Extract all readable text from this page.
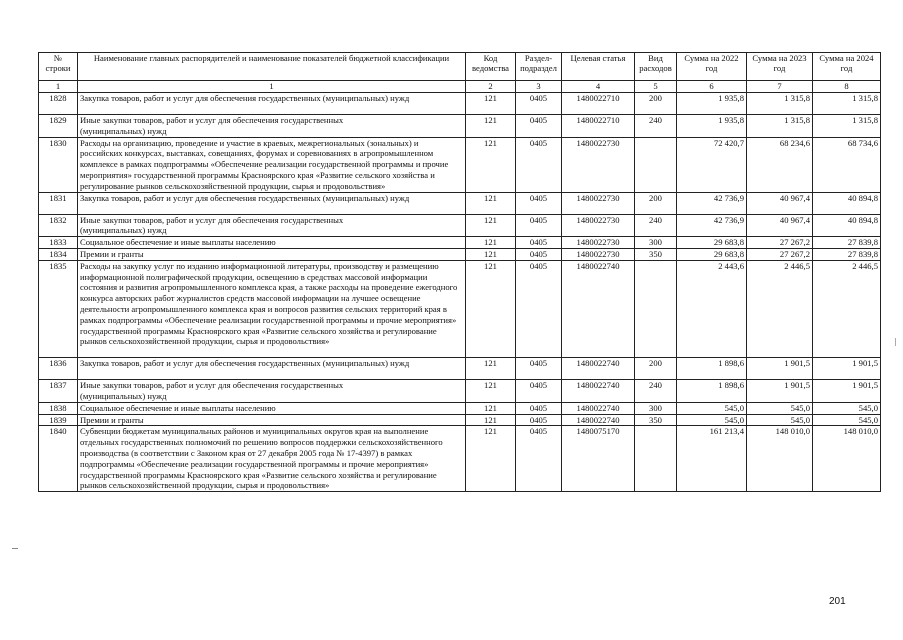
№ строки	Наименование главных распорядителей и наименование показателей бюджетной классификации	Код ведомства	Раздел-подраздел	Целевая статья	Вид расходов	Сумма на 2022 год	Сумма на 2023 год	Сумма на 2024 год
1	1	2	3	4	5	6	7	8
1828	Закупка товаров, работ и услуг для обеспечения государственных (муниципальных) нужд	121	0405	1480022710	200	1 935,8	1 315,8	1 315,8
1829	Иные закупки товаров, работ и услуг для обеспечения государственных (муниципальных) нужд	121	0405	1480022710	240	1 935,8	1 315,8	1 315,8
1830	Расходы на организацию, проведение и участие в краевых, межрегиональных (зональных) и российских конкурсах, выставках, совещаниях, форумах и соревнованиях в агропромышленном комплексе в рамках подпрограммы «Обеспечение реализации государственной программы и прочие мероприятия» государственной программы Красноярского края «Развитие сельского хозяйства и регулирование рынков сельскохозяйственной продукции, сырья и продовольствия»	121	0405	1480022730		72 420,7	68 234,6	68 734,6
1831	Закупка товаров, работ и услуг для обеспечения государственных (муниципальных) нужд	121	0405	1480022730	200	42 736,9	40 967,4	40 894,8
1832	Иные закупки товаров, работ и услуг для обеспечения государственных (муниципальных) нужд	121	0405	1480022730	240	42 736,9	40 967,4	40 894,8
1833	Социальное обеспечение и иные выплаты населению	121	0405	1480022730	300	29 683,8	27 267,2	27 839,8
1834	Премии и гранты	121	0405	1480022730	350	29 683,8	27 267,2	27 839,8
1835	Расходы на закупку услуг по изданию информационной литературы, производству и размещению информационной полиграфической продукции, освещению в средствах массовой информации состояния и развития агропромышленного комплекса края, а также расходы на проведение ежегодного конкурса авторских работ журналистов средств массовой информации на лучшее освещение деятельности агропромышленного комплекса края и вопросов развития сельских территорий края в рамках подпрограммы «Обеспечение реализации государственной программы и прочие мероприятия» государственной программы Красноярского края «Развитие сельского хозяйства и регулирование рынков сельскохозяйственной продукции, сырья и продовольствия»	121	0405	1480022740		2 443,6	2 446,5	2 446,5
1836	Закупка товаров, работ и услуг для обеспечения государственных (муниципальных) нужд	121	0405	1480022740	200	1 898,6	1 901,5	1 901,5
1837	Иные закупки товаров, работ и услуг для обеспечения государственных (муниципальных) нужд	121	0405	1480022740	240	1 898,6	1 901,5	1 901,5
1838	Социальное обеспечение и иные выплаты населению	121	0405	1480022740	300	545,0	545,0	545,0
1839	Премии и гранты	121	0405	1480022740	350	545,0	545,0	545,0
1840	Субвенции бюджетам муниципальных районов и муниципальных округов края на выполнение отдельных государственных полномочий по решению вопросов поддержки сельскохозяйственного производства (в соответствии с Законом края от 27 декабря 2005 года № 17-4397) в рамках подпрограммы «Обеспечение реализации государственной программы и прочие мероприятия» государственной программы Красноярского края «Развитие сельского хозяйства и регулирование рынков сельскохозяйственной продукции, сырья и продовольствия»	121	0405	1480075170		161 213,4	148 010,0	148 010,0
201
